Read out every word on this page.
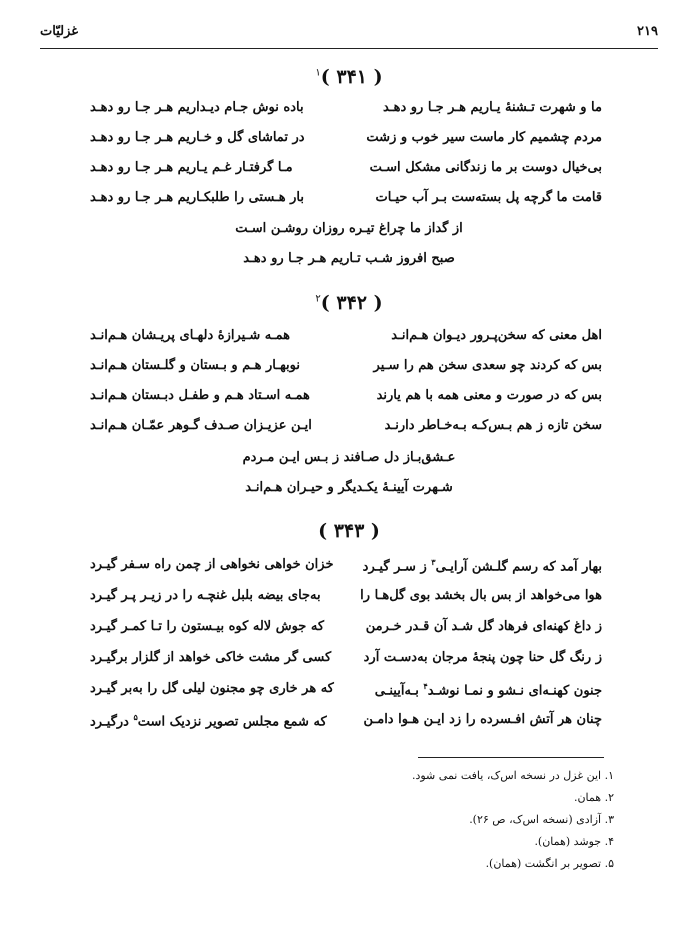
۲۱۹
غزلیّات
( ۳۴۱ )$^۱$
ما و شهرت تـشنهٔ یـاریم هـر جـا رو دهـد
باده نوش جـام دیـداریم هـر جـا رو دهـد
مردم چشمیم کار ماست سیر خوب و زشت
در تماشای گل و خـاریم هـر جـا رو دهـد
بی‌خیال دوست بر ما زندگانی مشکل اسـت
مـا گرفتـار غـم یـاریم هـر جـا رو دهـد
قامت ما گرچه پل بسته‌ست بـر آب حیـات
بار هـستی را طلبکـاریم هـر جـا رو دهـد
از گداز ما چراغ تیـره روزان روشـن اسـت
صبح افروز شـب تـاریم هـر جـا رو دهـد
( ۳۴۲ )$^۲$
اهل معنی که سخن‌پـرور دیـوان هـم‌انـد
همـه شـیرازهٔ دلهـای پریـشان هـم‌انـد
بس که کردند چو سعدی سخن هم را سـیر
نوبهـار هـم و بـستان و گلـستان هـم‌انـد
بس که در صورت و معنی همه با هم یارند
همـه اسـتاد هـم و طفـل دبـستان هـم‌انـد
سخن تازه ز هم بـس‌کـه بـه‌خـاطر دارنـد
ایـن عزیـزان صـدف گـوهر عمّـان هـم‌انـد
عـشق‌بـاز دل صـافند ز بـس ایـن مـردم
شـهرت آیینـهٔ یکـدیگر و حیـران هـم‌انـد
( ۳۴۳ )
بهار آمد که رسم گلـشن آرایـی$^۳$ ز سـر گیـرد
خزان خواهی نخواهی از چمن راه سـفر گیـرد
هوا می‌خواهد از بس بال بخشد بوی گل‌هـا را
به‌جای بیضه بلبل غنچـه را در زیـر پـر گیـرد
ز داغ کهنه‌ای فرهاد گل شـد آن قـدر خـرمن
که جوش لاله کوه بیـستون را تـا کمـر گیـرد
ز رنگ گل حنا چون پنجهٔ مرجان به‌دسـت آرد
کسی گر مشت خاکی خواهد از گلزار برگیـرد
جنون کهنـه‌ای نـشو و نمـا نوشـد$^۴$ بـه‌آیینـی
که هر خاری چو مجنون لیلی گل را به‌بر گیـرد
چنان هر آتش افـسرده را زد ایـن هـوا دامـن
که شمع مجلس تصویر نزدیک است$^۵$ درگیـرد
۱. این غزل در نسخه اس‌ک، یافت نمی شود.
۲. همان.
۳. آزادی (نسخه اس‌ک، ص ۲۶).
۴. جوشد (همان).
۵. تصویر بر انگشت (همان).
